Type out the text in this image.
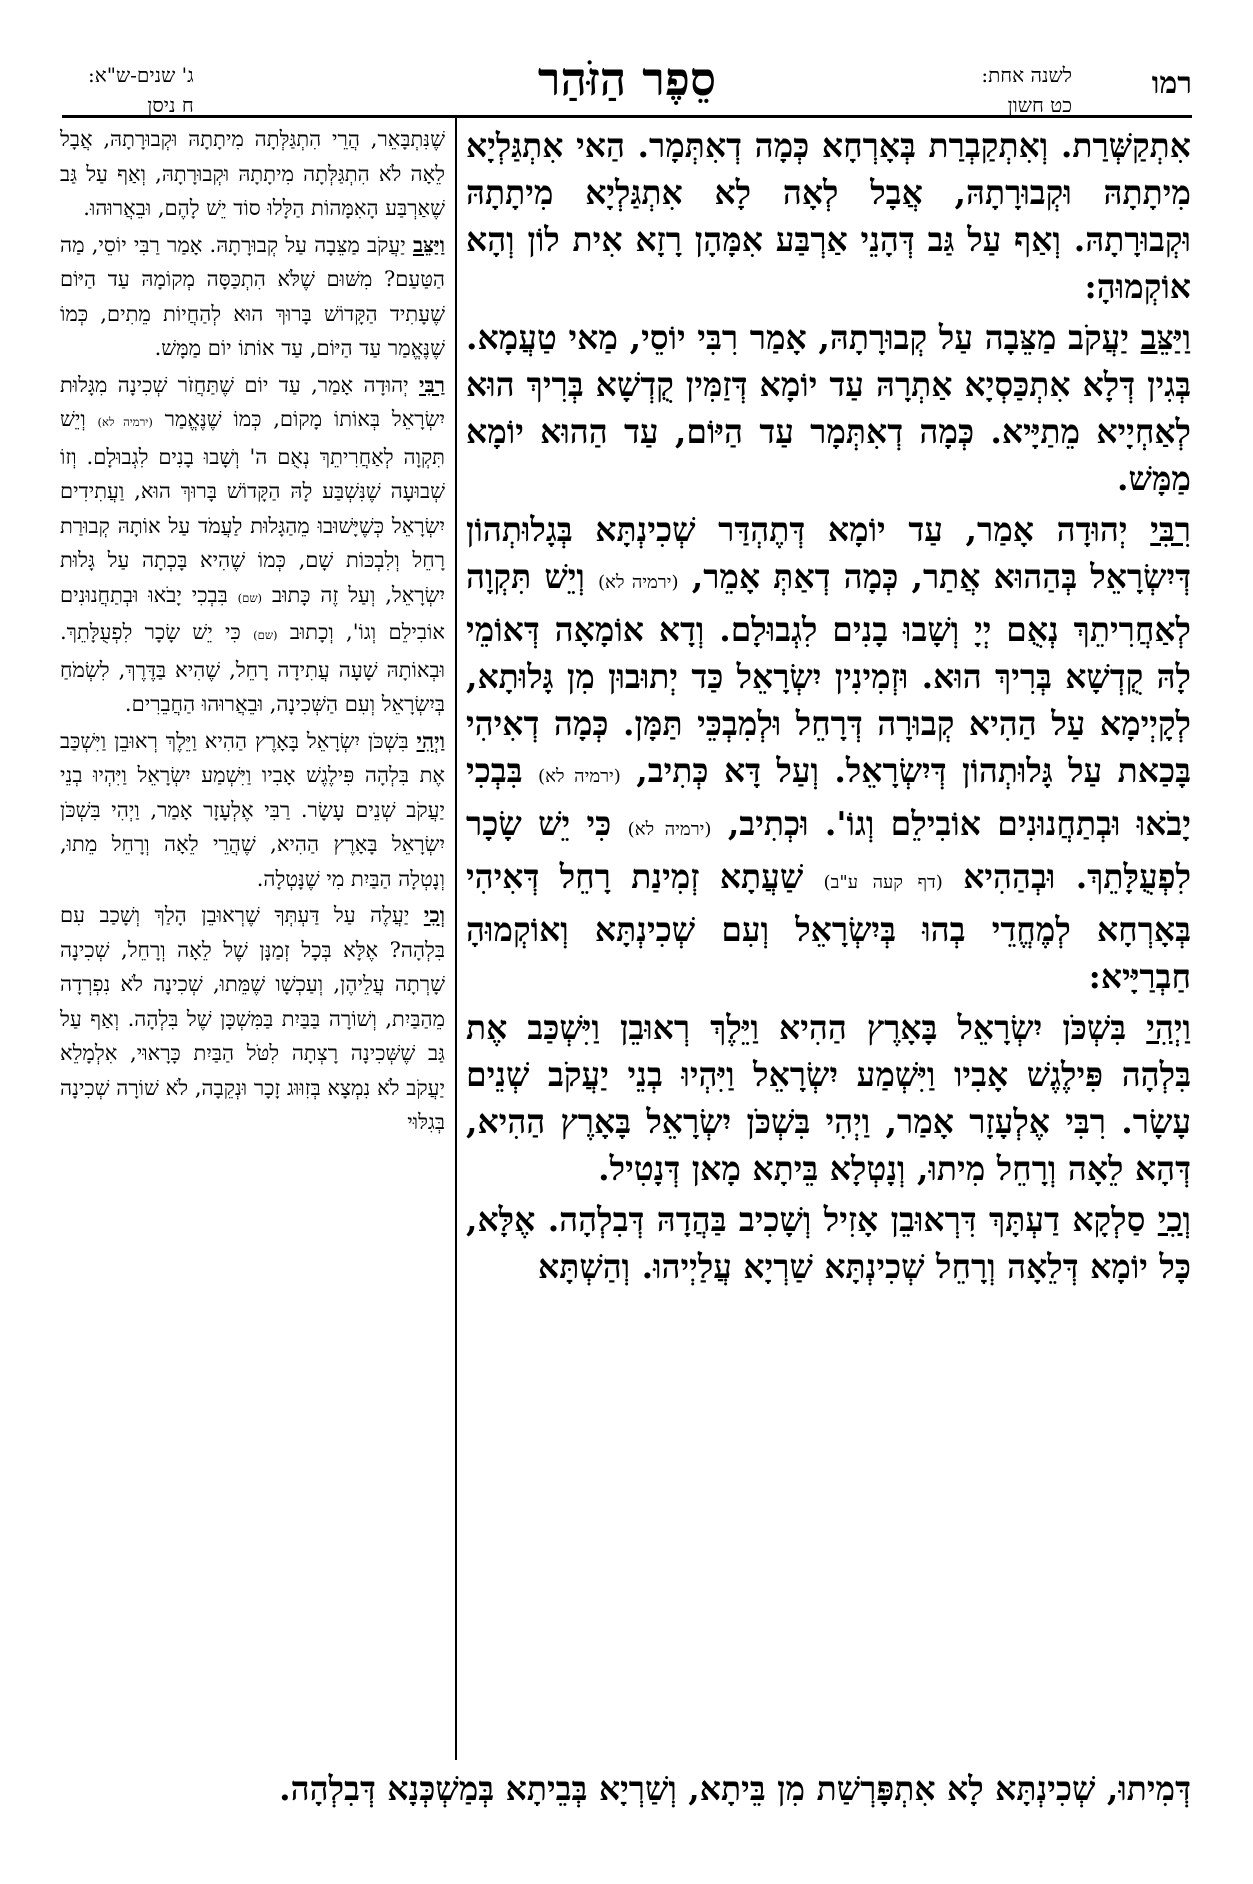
רמו
לשנה אחת:
כט חשון
סֵפֶר הַזֹּהַר
ג' שנים-ש"א:
ח ניסן

אִתְקַשְּׁרַת. וְאִתְקַבְרַת בְּאָרְחָא כְּמָה דְאִתְּמָר. הַאי אִתְגַּלְיָא מִיתָתָהּ וּקְבוּרָתָהּ, אֲבָל לְאָה לָא אִתְגַּלְיָא מִיתָתָהּ וּקְבוּרָתָהּ. וְאַף עַל גַּב דְּהָנֵי אַרְבַּע אִמָּהָן רָזָא אִית לוֹן וְהָא אוֹקְמוּהָ:

וַיַּצֵּב יַעֲקֹב מַצֵּבָה עַל קְבוּרָתָהּ, אָמַר רִבִּי יוֹסֵי, מַאי טַעֲמָא. בְּגִין דְּלָא אִתְכַּסְיָא אַתְרָהּ עַד יוֹמָא דְּזַמִּין קֻדְשָׁא בְּרִיךְ הוּא לְאַחְיָיא מֵתַיָּיא. כְּמָה דְאִתְּמָר עַד הַיּוֹם, עַד הַהוּא יוֹמָא מַמָּשׁ.

רִבִּי יְהוּדָה אָמַר, עַד יוֹמָא דְּתֶהְדַּר שְׁכִינְתָּא בְּגָלוּתְהוֹן דְּיִשְׂרָאֵל בְּהַהוּא אֲתַר, כְּמָה דְאַתְּ אָמֵר, (ירמיה לא) וְיֵשׁ תִּקְוָה לְאַחֲרִיתֵךְ נְאֻם יְיָ וְשָׁבוּ בָנִים לִגְבוּלָם. וְדָא אוֹמָאָה דְּאוֹמֵי לָהּ קֻדְשָׁא בְּרִיךְ הוּא. וּזְמִינִין יִשְׂרָאֵל כַּד יְתוּבוּן מִן גָּלוּתָא, לְקָיְימָא עַל הַהִיא קְבוּרָה דְּרָחֵל וּלְמִבְכֵּי תַּמָּן. כְּמָה דְאִיהִי בָּכַאת עַל גָּלוּתְהוֹן דְּיִשְׂרָאֵל. וְעַל דָּא כְּתִיב, (ירמיה לא) בִּבְכִי יָבֹאוּ וּבְתַחֲנוּנִים אוֹבִילֵם וְגוֹ'. וּכְתִיב, (ירמיה לא) כִּי יֵשׁ שָׂכָר לִפְעֻלָּתֵךְ. וּבְהַהִיא (דף קעה ע"ב) שַׁעֲתָא זְמִינַת רָחֵל דְּאִיהִי בְּאָרְחָא לְמֶחֱדֵי בְהוּ בְּיִשְׂרָאֵל וְעִם שְׁכִינְתָּא וְאוֹקְמוּהָ חַבְרַיָּיא:

וַיְהִי בִּשְׁכֹּן יִשְׂרָאֵל בָּאָרֶץ הַהִיא וַיֵּלֶךְ רְאוּבֵן וַיִּשְׁכַּב אֶת בִּלְהָה פִּילֶגֶשׁ אָבִיו וַיִּשְׁמַע יִשְׂרָאֵל וַיִּהְיוּ בְנֵי יַעֲקֹב שְׁנֵים עָשָׂר. רִבִּי אֶלְעָזָר אָמַר, וַיְהִי בִּשְׁכֹּן יִשְׂרָאֵל בָּאָרֶץ הַהִיא, דְּהָא לֵאָה וְרָחֵל מִיתוּ, וְנָטְלָא בֵּיתָא מָאן דְּנָטִיל.

וְכִי סַלְקָא דַעְתָּךְ דִּרְאוּבֵן אָזִיל וְשָׁכִיב בַּהֲדָהּ דְּבִלְהָה. אֶלָּא, כָּל יוֹמָא דְּלֵאָה וְרָחֵל שְׁכִינְתָּא שַׁרְיָא עֲלַיְיהוּ. וְהַשְׁתָּא

שֶׁנִּתְבָּאֵר, הֲרֵי הִתְגַּלְּתָה מִיתָתָהּ וּקְבוּרָתָהּ, אֲבָל לֵאָה לֹא הִתְגַּלְּתָה מִיתָתָהּ וּקְבוּרָתָהּ, וְאַף עַל גַּב שֶׁאַרְבַּע הָאִמָּהוֹת הַלָּלוּ סוֹד יֵשׁ לָהֶם, וּבֵאֲרוּהוּ.

וַיַּצֵּב יַעֲקֹב מַצֵּבָה עַל קְבוּרָתָהּ. אָמַר רַבִּי יוֹסֵי, מַה הַטַּעַם? מִשּׁוּם שֶׁלֹּא הִתְכַּסָּה מְקוֹמָהּ עַד הַיּוֹם שֶׁעָתִיד הַקָּדוֹשׁ בָּרוּךְ הוּא לְהַחֲיוֹת מֵתִים, כְּמוֹ שֶׁנֶּאֱמַר עַד הַיּוֹם, עַד אוֹתוֹ יוֹם מַמָּשׁ.

רַבִּי יְהוּדָה אָמַר, עַד יוֹם שֶׁתַּחֲזֹר שְׁכִינָה מִגָּלוּת יִשְׂרָאֵל בְּאוֹתוֹ מָקוֹם, כְּמוֹ שֶׁנֶּאֱמַר (ירמיה לא) וְיֵשׁ תִּקְוָה לְאַחֲרִיתֵךְ נְאֻם ה' וְשָׁבוּ בָנִים לִגְבוּלָם. וְזוֹ שְׁבוּעָה שֶׁנִּשְׁבַּע לָהּ הַקָּדוֹשׁ בָּרוּךְ הוּא, וַעֲתִידִים יִשְׂרָאֵל כְּשֶׁיָּשׁוּבוּ מֵהַגָּלוּת לַעֲמֹד עַל אוֹתָהּ קְבוּרַת רָחֵל וְלִבְכּוֹת שָׁם, כְּמוֹ שֶׁהִיא בָּכְתָה עַל גָּלוּת יִשְׂרָאֵל, וְעַל זֶה כָּתוּב (שם) בִּבְכִי יָבֹאוּ וּבְתַחֲנוּנִים אוֹבִילֵם וְגוֹ', וְכָתוּב (שם) כִּי יֵשׁ שָׂכָר לִפְעֻלָּתֵךְ. וּבְאוֹתָהּ שָׁעָה עֲתִידָה רָחֵל, שֶׁהִיא בַּדֶּרֶךְ, לִשְׂמֹחַ בְּיִשְׂרָאֵל וְעִם הַשְּׁכִינָה, וּבֵאֲרוּהוּ הַחֲבֵרִים.

וַיְהִי בִּשְׁכֹּן יִשְׂרָאֵל בָּאָרֶץ הַהִיא וַיֵּלֶךְ רְאוּבֵן וַיִּשְׁכַּב אֶת בִּלְהָה פִּילֶגֶשׁ אָבִיו וַיִּשְׁמַע יִשְׂרָאֵל וַיִּהְיוּ בְנֵי יַעֲקֹב שְׁנֵים עָשָׂר. רַבִּי אֶלְעָזָר אָמַר, וַיְהִי בִּשְׁכֹּן יִשְׂרָאֵל בָּאָרֶץ הַהִיא, שֶׁהֲרֵי לֵאָה וְרָחֵל מֵתוּ, וְנָטְלָה הַבַּיִת מִי שֶׁנָּטְלָה.

וְכִי יַעֲלֶה עַל דַּעְתְּךָ שֶׁרְאוּבֵן הָלַךְ וְשָׁכַב עִם בִּלְהָה? אֶלָּא בְּכָל זְמַנָּן שֶׁל לֵאָה וְרָחֵל, שְׁכִינָה שָׁרְתָה עֲלֵיהֶן, וְעַכְשָׁו שֶׁמֵּתוּ, שְׁכִינָה לֹא נִפְרְדָה מֵהַבַּיִת, וְשׁוֹרָה בַּבַּיִת בַּמִּשְׁכָּן שֶׁל בִּלְהָה. וְאַף עַל גַּב שֶׁשְּׁכִינָה רָצְתָה לִטֹּל הַבַּיִת כָּרָאוּי, אִלְמָלֵא יַעֲקֹב לֹא נִמְצָא בְּזִוּוּג זָכָר וּנְקֵבָה, לֹא שׁוֹרָה שְׁכִינָה בְּגִלּוּי

דְּמִיתוּ, שְׁכִינְתָּא לָא אִתְפָּרְשַׁת מִן בֵּיתָא, וְשַׁרְיָא בְּבֵיתָא בְּמַשְׁכְּנָא דְּבִלְהָה.
